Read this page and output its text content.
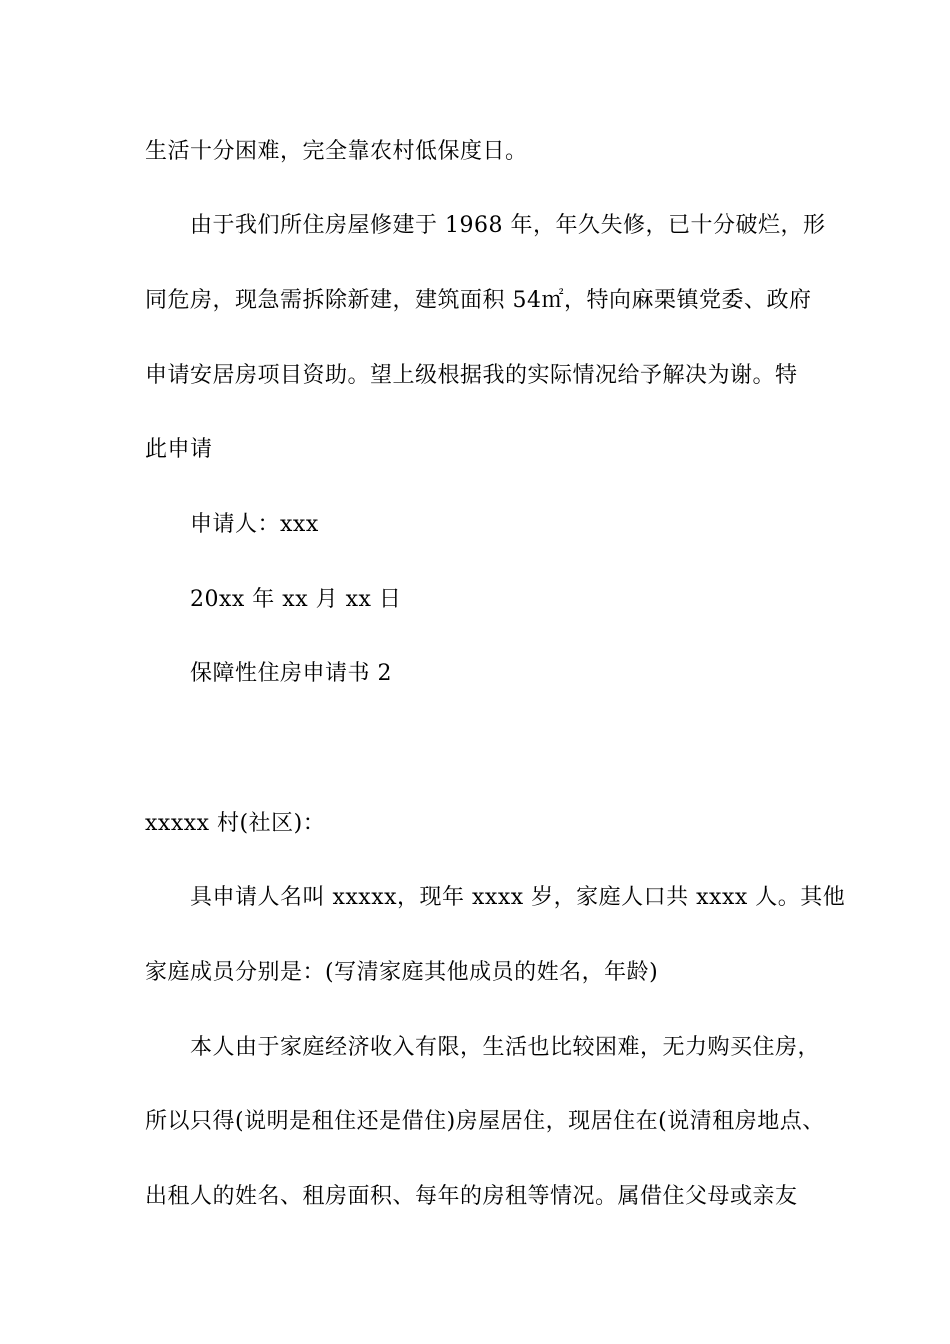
生活十分困难，完全靠农村低保度日。
由于我们所住房屋修建于 1968 年，年久失修，已十分破烂，形
同危房，现急需拆除新建，建筑面积 54㎡，特向麻栗镇党委、政府
申请安居房项目资助。望上级根据我的实际情况给予解决为谢。特
此申请
申请人：xxx
20xx 年 xx 月 xx 日
保障性住房申请书 2
xxxxx 村(社区)：
具申请人名叫 xxxxx，现年 xxxx 岁，家庭人口共 xxxx 人。其他
家庭成员分别是：(写清家庭其他成员的姓名，年龄)
本人由于家庭经济收入有限，生活也比较困难，无力购买住房，
所以只得(说明是租住还是借住)房屋居住，现居住在(说清租房地点、
出租人的姓名、租房面积、每年的房租等情况。属借住父母或亲友
